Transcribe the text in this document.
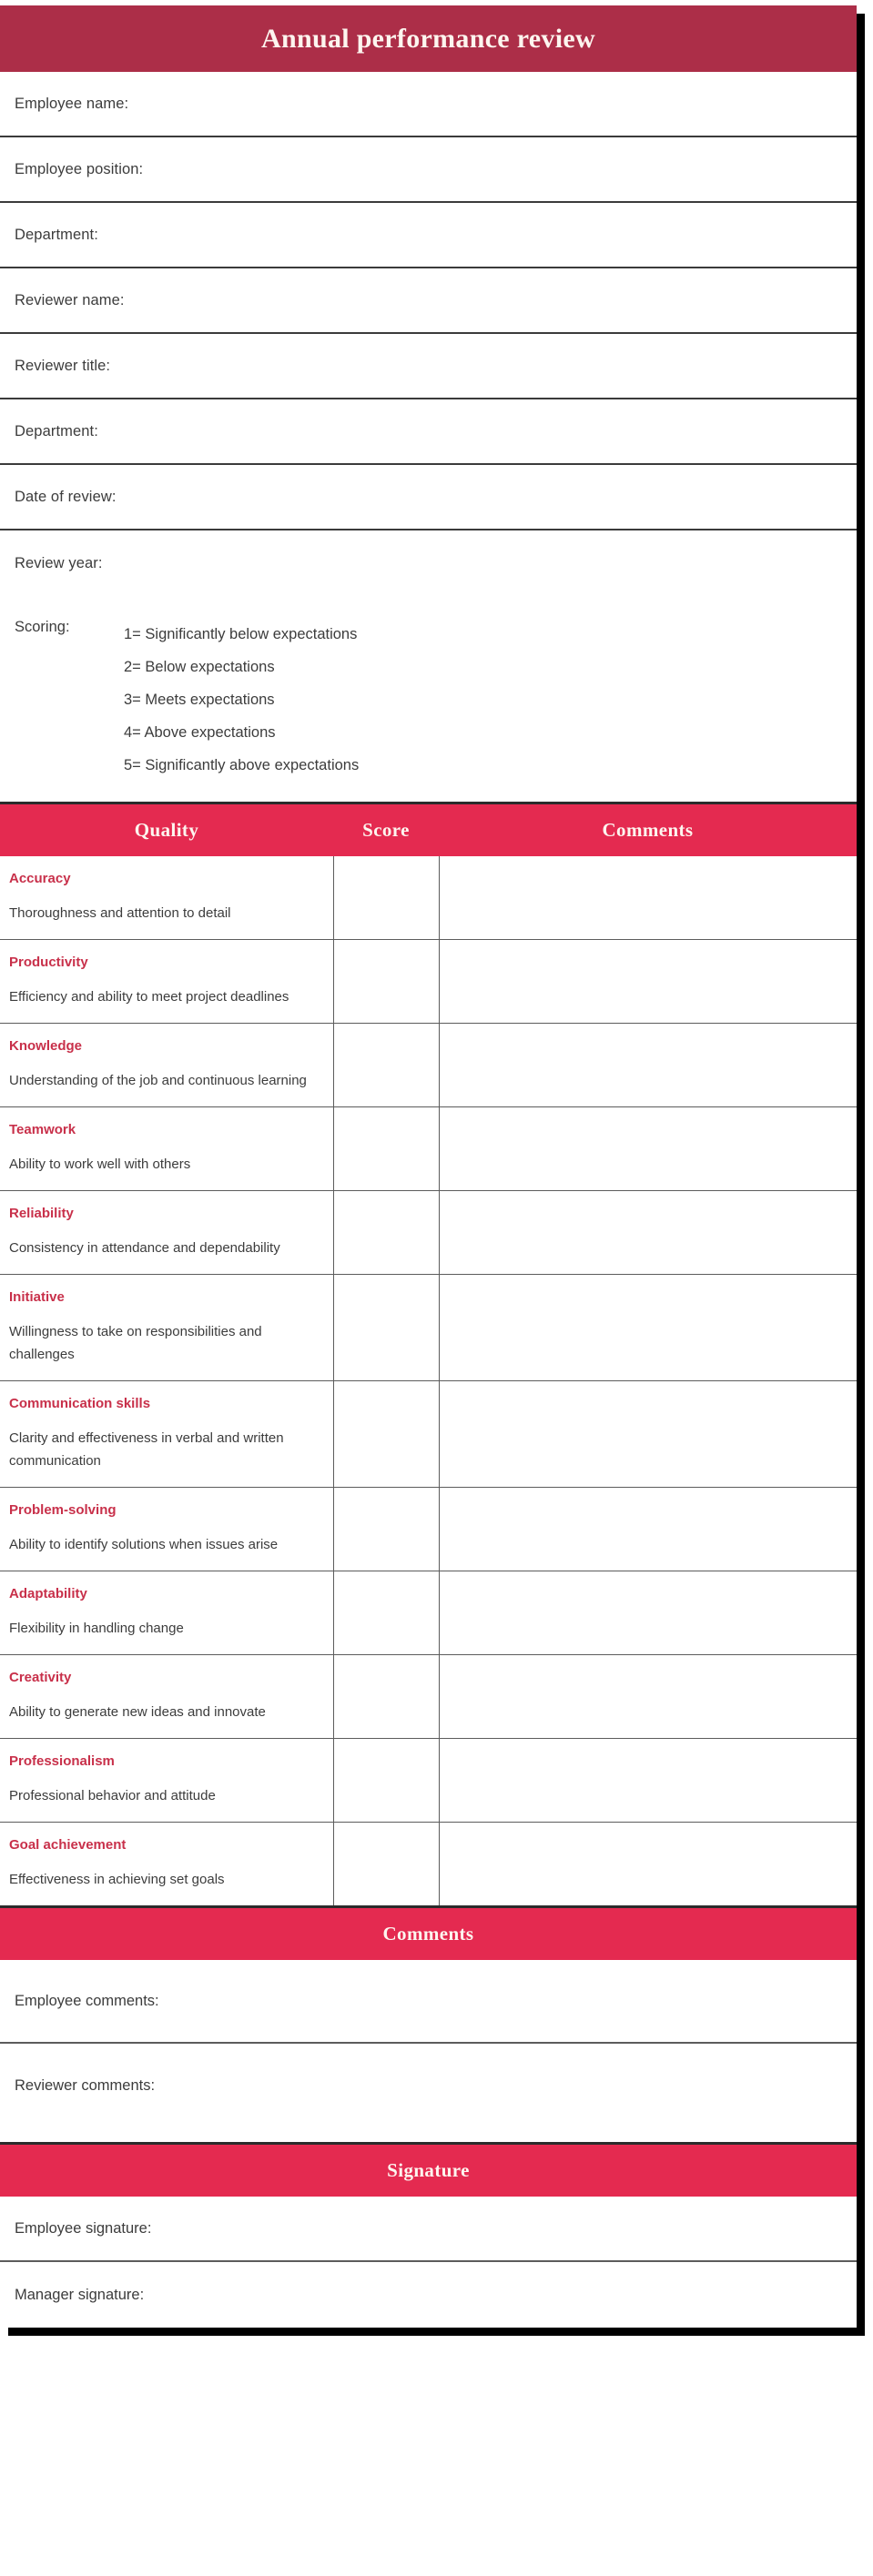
Annual performance review
Employee name:
Employee position:
Department:
Reviewer name:
Reviewer title:
Department:
Date of review:
Review year:
Scoring:	1= Significantly below expectations
2= Below expectations
3= Meets expectations
4= Above expectations
5= Significantly above expectations
Quality	Score	Comments
Accuracy
Thoroughness and attention to detail		

Productivity
Efficiency and ability to meet project deadlines		

Knowledge
Understanding of the job and continuous learning		

Teamwork
Ability to work well with others		

Reliability
Consistency in attendance and dependability		

Initiative
Willingness to take on responsibilities and challenges		

Communication skills
Clarity and effectiveness in verbal and written communication		

Problem-solving
Ability to identify solutions when issues arise		

Adaptability
Flexibility in handling change		

Creativity
Ability to generate new ideas and innovate		

Professionalism
Professional behavior and attitude		

Goal achievement
Effectiveness in achieving set goals		

Comments
Employee comments:
Reviewer comments:
Signature
Employee signature:
Manager signature:
